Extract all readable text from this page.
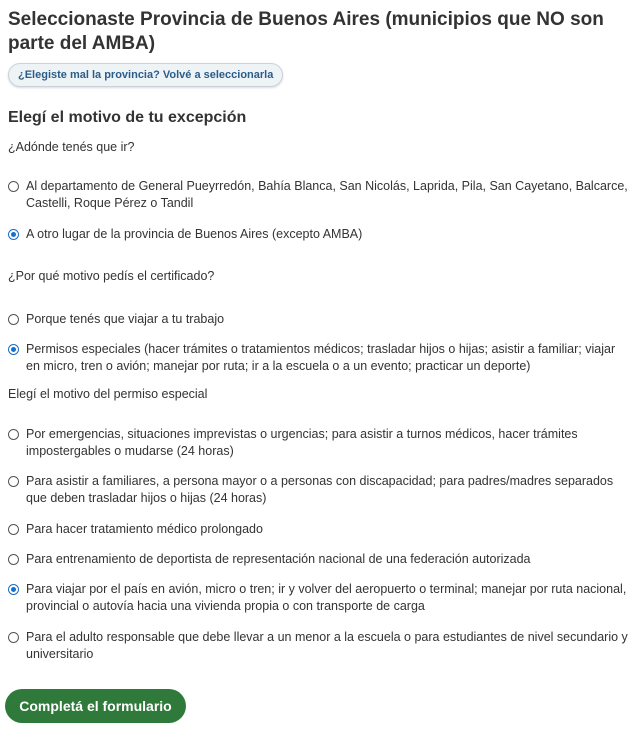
Seleccionaste Provincia de Buenos Aires (municipios que NO son parte del AMBA)
¿Elegiste mal la provincia? Volvé a seleccionarla
Elegí el motivo de tu excepción
¿Adónde tenés que ir?
Al departamento de General Pueyrredón, Bahía Blanca, San Nicolás, Laprida, Pila, San Cayetano, Balcarce, Castelli, Roque Pérez o Tandil
A otro lugar de la provincia de Buenos Aires (excepto AMBA)
¿Por qué motivo pedís el certificado?
Porque tenés que viajar a tu trabajo
Permisos especiales (hacer trámites o tratamientos médicos; trasladar hijos o hijas; asistir a familiar; viajar en micro, tren o avión; manejar por ruta; ir a la escuela o a un evento; practicar un deporte)
Elegí el motivo del permiso especial
Por emergencias, situaciones imprevistas o urgencias; para asistir a turnos médicos, hacer trámites impostergables o mudarse (24 horas)
Para asistir a familiares, a persona mayor o a personas con discapacidad; para padres/madres separados que deben trasladar hijos o hijas (24 horas)
Para hacer tratamiento médico prolongado
Para entrenamiento de deportista de representación nacional de una federación autorizada
Para viajar por el país en avión, micro o tren; ir y volver del aeropuerto o terminal; manejar por ruta nacional, provincial o autovía hacia una vivienda propia o con transporte de carga
Para el adulto responsable que debe llevar a un menor a la escuela o para estudiantes de nivel secundario y universitario
Completá el formulario
